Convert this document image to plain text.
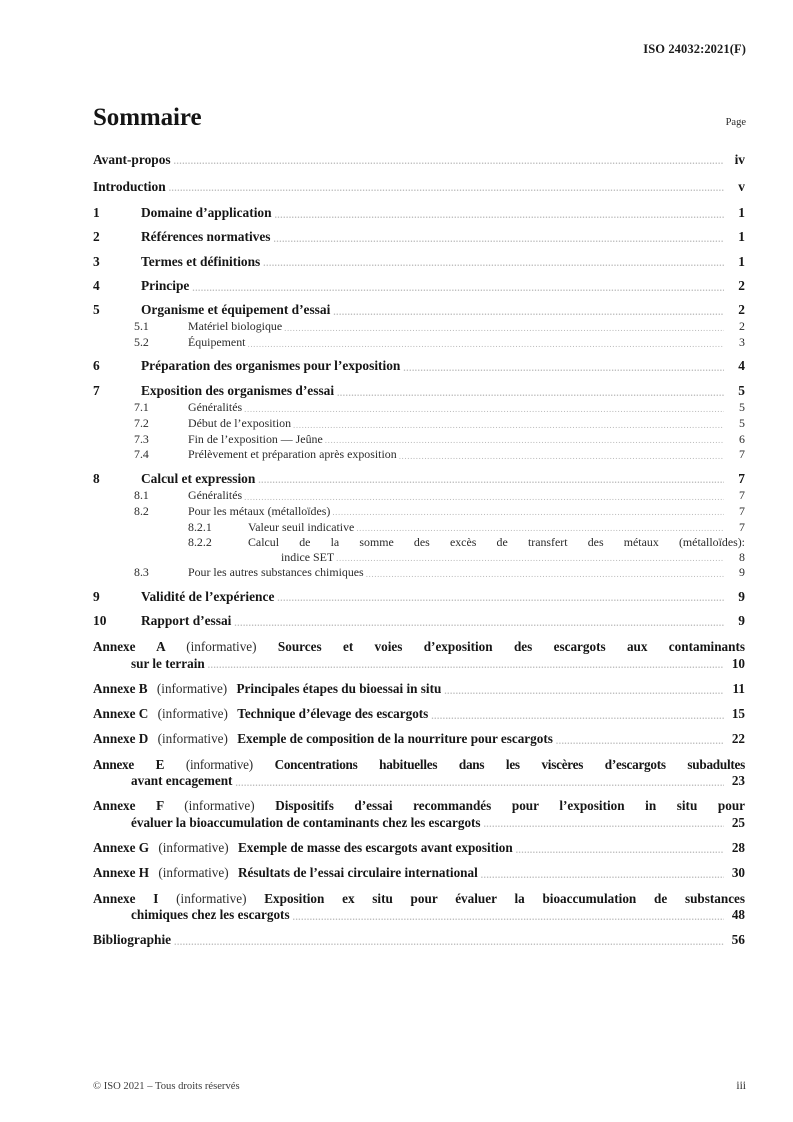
ISO 24032:2021(F)
Sommaire	Page
Avant-propos .....	iv
Introduction .....	v
1	Domaine d’application .....	1
2	Références normatives .....	1
3	Termes et définitions .....	1
4	Principe .....	2
5	Organisme et équipement d’essai .....	2
5.1	Matériel biologique .....	2
5.2	Équipement .....	3
6	Préparation des organismes pour l’exposition .....	4
7	Exposition des organismes d’essai .....	5
7.1	Généralités .....	5
7.2	Début de l’exposition .....	5
7.3	Fin de l’exposition — Jeûne .....	6
7.4	Prélèvement et préparation après exposition .....	7
8	Calcul et expression .....	7
8.1	Généralités .....	7
8.2	Pour les métaux (métalloïdes) .....	7
8.2.1	Valeur seuil indicative .....	7
8.2.2	Calcul de la somme des excès de transfert des métaux (métalloïdes):
indice SET .....	8
8.3	Pour les autres substances chimiques .....	9
9	Validité de l’expérience .....	9
10	Rapport d’essai .....	9
Annexe A (informative) Sources et voies d’exposition des escargots aux contaminants
sur le terrain .....	10
Annexe B
(informative)
Principales étapes du bioessai in situ .....	11
Annexe C
(informative)
Technique d’élevage des escargots .....	15
Annexe D
(informative)
Exemple de composition de la nourriture pour escargots .....	22
Annexe E (informative) Concentrations habituelles dans les viscères d’escargots subadultes
avant encagement .....	23
Annexe F (informative) Dispositifs d’essai recommandés pour l’exposition in situ pour
évaluer la bioaccumulation de contaminants chez les escargots .....	25
Annexe G
(informative)
Exemple de masse des escargots avant exposition .....	28
Annexe H
(informative)
Résultats de l’essai circulaire international .....	30
Annexe I (informative) Exposition ex situ pour évaluer la bioaccumulation de substances
chimiques chez les escargots .....	48
Bibliographie .....	56
© ISO 2021 – Tous droits réservés	iii
